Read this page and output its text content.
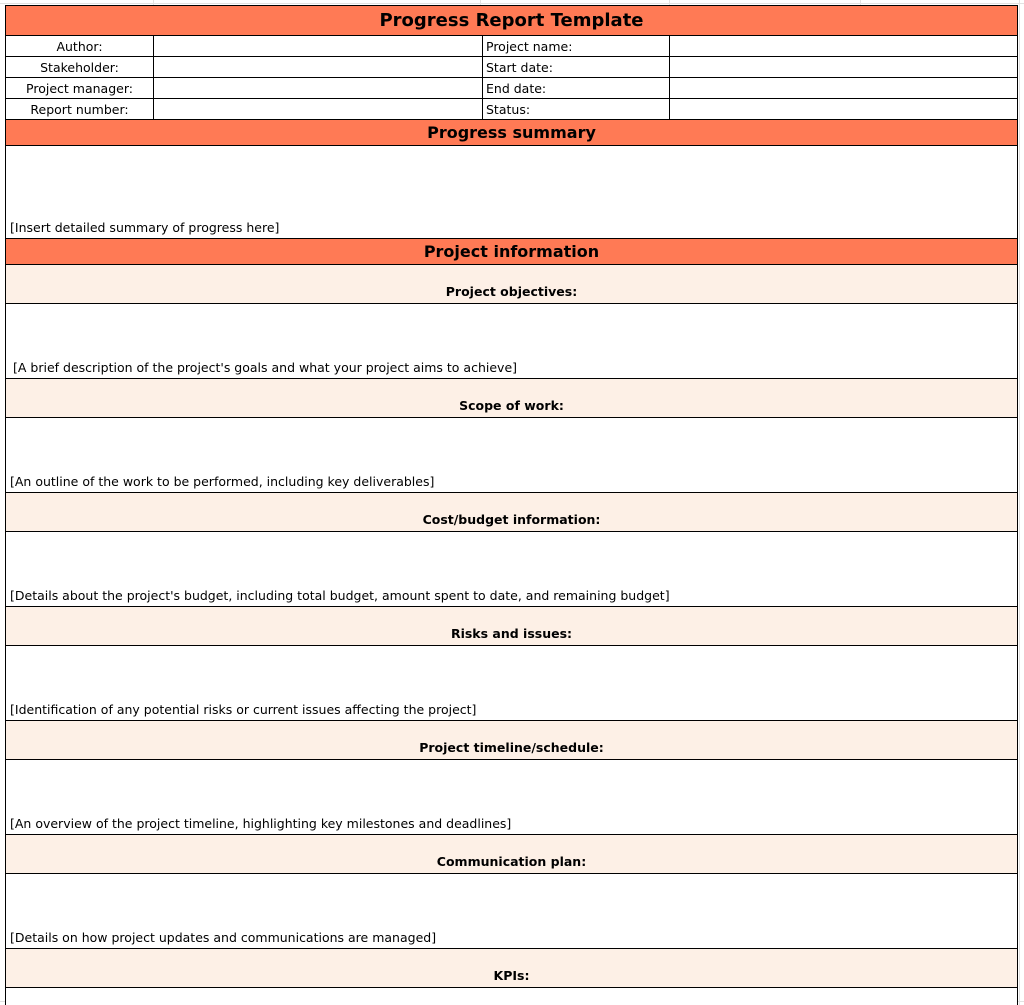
Progress Report Template
Author:	Project name:
Stakeholder:	Start date:
Project manager:	End date:
Report number:	Status:
Progress summary
[Insert detailed summary of progress here]
Project information
Project objectives:
[A brief description of the project's goals and what your project aims to achieve]
Scope of work:
[An outline of the work to be performed, including key deliverables]
Cost/budget information:
[Details about the project's budget, including total budget, amount spent to date, and remaining budget]
Risks and issues:
[Identification of any potential risks or current issues affecting the project]
Project timeline/schedule:
[An overview of the project timeline, highlighting key milestones and deadlines]
Communication plan:
[Details on how project updates and communications are managed]
KPIs:
